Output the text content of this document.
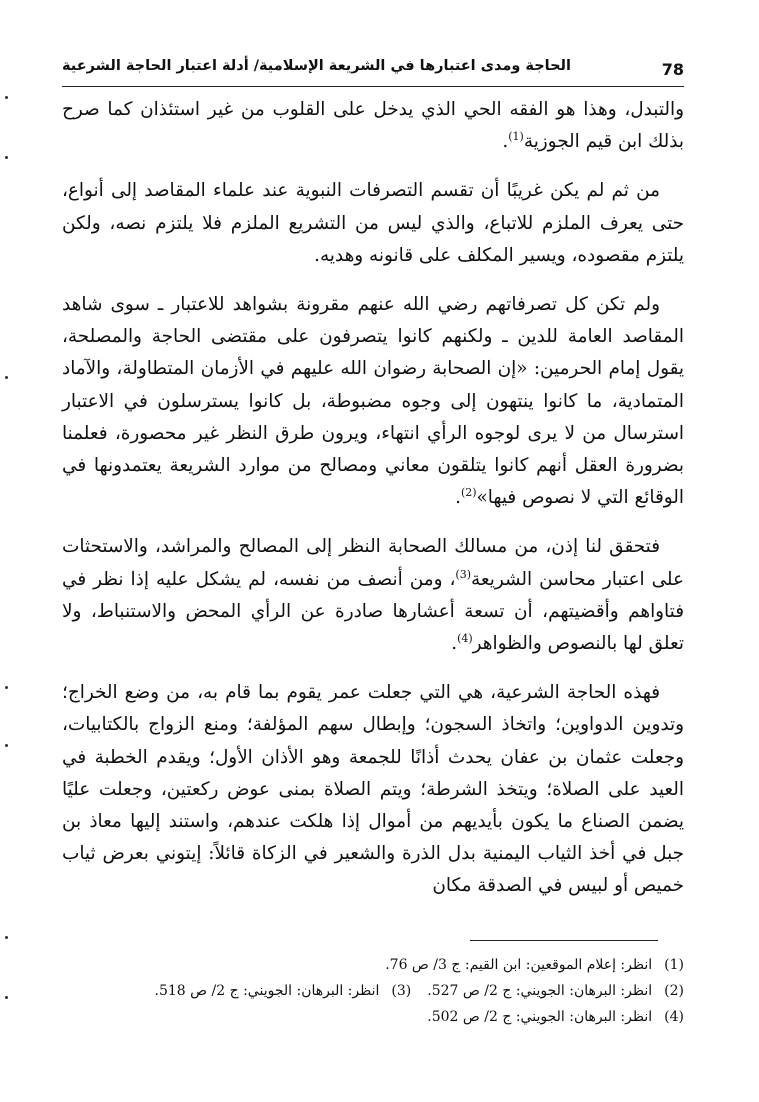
78
الحاجة ومدى اعتبارها في الشريعة الإسلامية/ أدلة اعتبار الحاجة الشرعية

والتبدل، وهذا هو الفقه الحي الذي يدخل على القلوب من غير استئذان كما صرح بذلك ابن قيم الجوزية$^{(1)}$.

من ثم لم يكن غريبًا أن تقسم التصرفات النبوية عند علماء المقاصد إلى أنواع، حتى يعرف الملزم للاتباع، والذي ليس من التشريع الملزم فلا يلتزم نصه، ولكن يلتزم مقصوده، ويسير المكلف على قانونه وهديه.

ولم تكن كل تصرفاتهم رضي الله عنهم مقرونة بشواهد للاعتبار ـ سوى شاهد المقاصد العامة للدين ـ ولكنهم كانوا يتصرفون على مقتضى الحاجة والمصلحة، يقول إمام الحرمين: «إن الصحابة رضوان الله عليهم في الأزمان المتطاولة، والآماد المتمادية، ما كانوا ينتهون إلى وجوه مضبوطة، بل كانوا يسترسلون في الاعتبار استرسال من لا يرى لوجوه الرأي انتهاء، ويرون طرق النظر غير محصورة، فعلمنا بضرورة العقل أنهم كانوا يتلقون معاني ومصالح من موارد الشريعة يعتمدونها في الوقائع التي لا نصوص فيها»$^{(2)}$.

فتحقق لنا إذن، من مسالك الصحابة النظر إلى المصالح والمراشد، والاستحثات على اعتبار محاسن الشريعة$^{(3)}$، ومن أنصف من نفسه، لم يشكل عليه إذا نظر في فتاواهم وأقضيتهم، أن تسعة أعشارها صادرة عن الرأي المحض والاستنباط، ولا تعلق لها بالنصوص والظواهر$^{(4)}$.

فهذه الحاجة الشرعية، هي التي جعلت عمر يقوم بما قام به، من وضع الخراج؛ وتدوين الدواوين؛ واتخاذ السجون؛ وإبطال سهم المؤلفة؛ ومنع الزواج بالكتابيات، وجعلت عثمان بن عفان يحدث أذانًا للجمعة وهو الأذان الأول؛ ويقدم الخطبة في العيد على الصلاة؛ ويتخذ الشرطة؛ ويتم الصلاة بمنى عوض ركعتين، وجعلت عليًا يضمن الصناع ما يكون بأيديهم من أموال إذا هلكت عندهم، واستند إليها معاذ بن جبل في أخذ الثياب اليمنية بدل الذرة والشعير في الزكاة قائلاً: إيتوني بعرض ثياب خميص أو لبيس في الصدقة مكان

(1)انظر: إعلام الموقعين: ابن القيم: ج 3/ ص 76.
(2)انظر: البرهان: الجويني: ج 2/ ص 527.(3)انظر: البرهان: الجويني: ج 2/ ص 518.
(4)انظر: البرهان: الجويني: ج 2/ ص 502.
